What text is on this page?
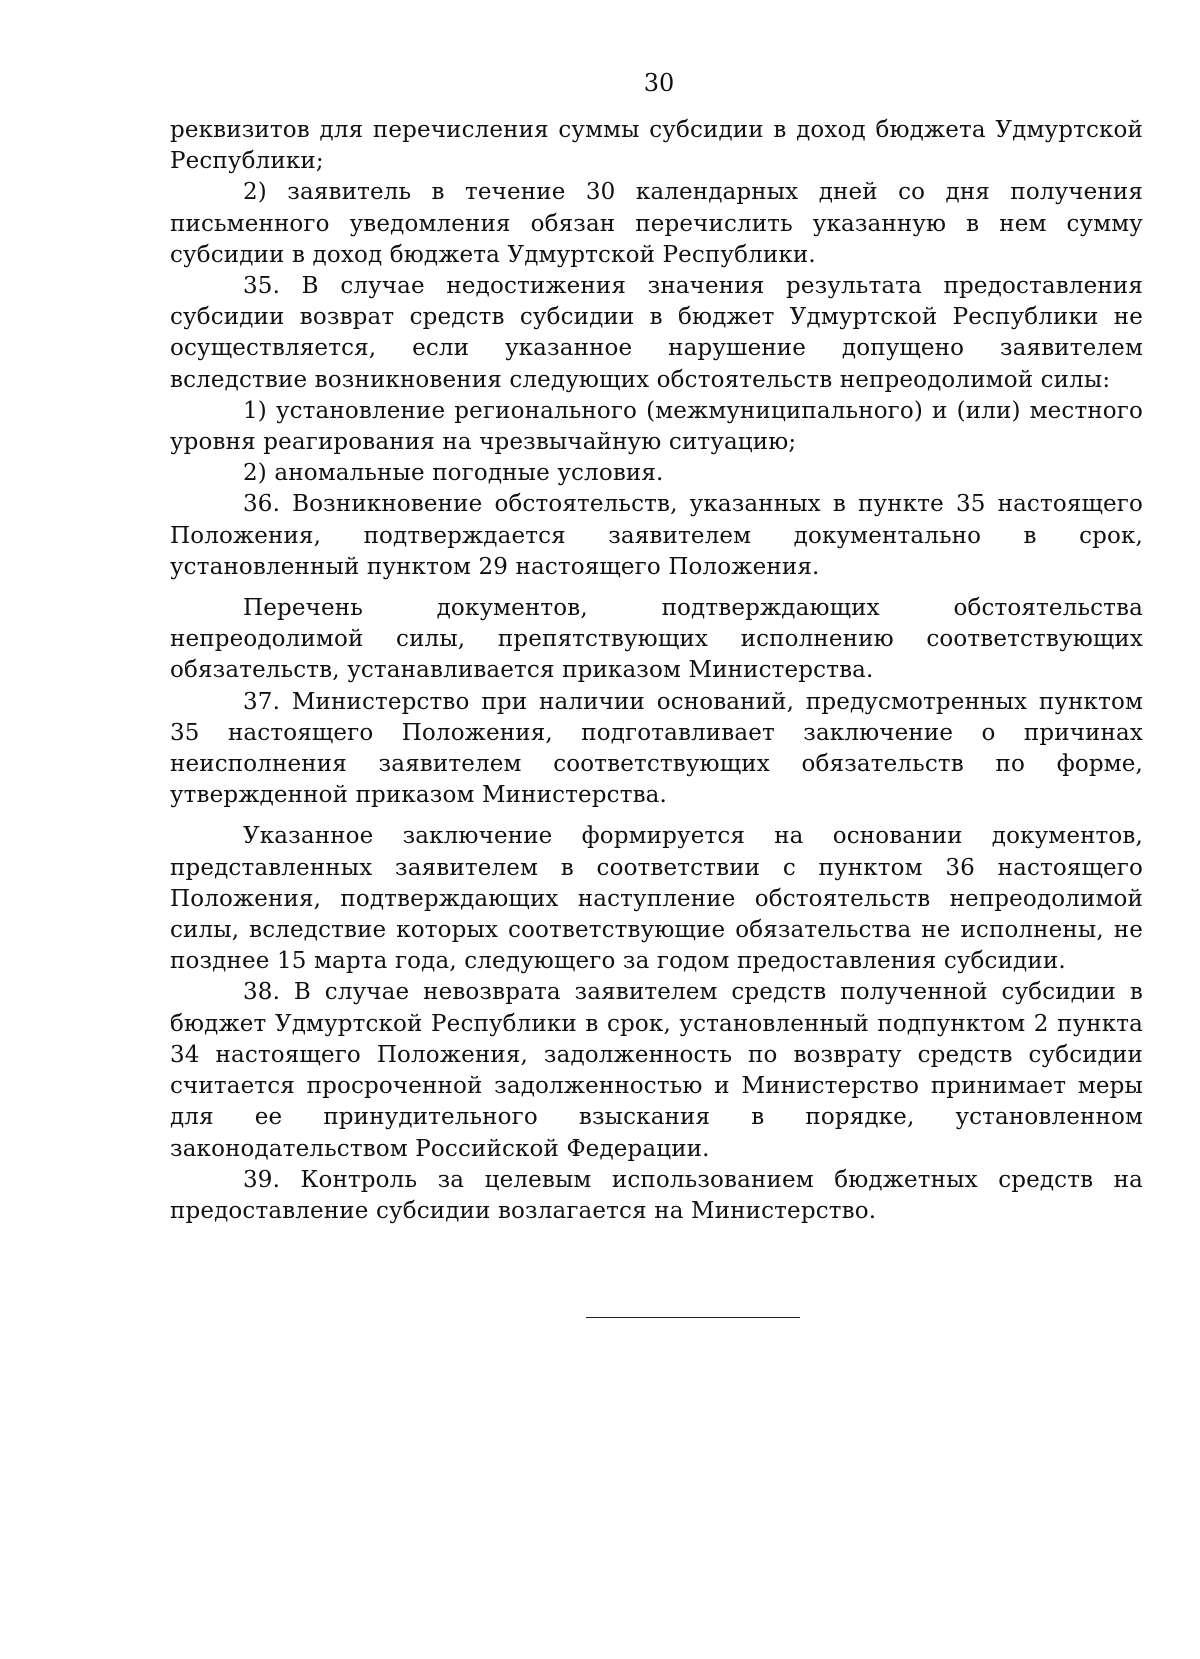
30

реквизитов для перечисления суммы субсидии в доход бюджета Удмуртской Республики;

2) заявитель в течение 30 календарных дней со дня получения письменного уведомления обязан перечислить указанную в нем сумму субсидии в доход бюджета Удмуртской Республики.

35. В случае недостижения значения результата предоставления субсидии возврат средств субсидии в бюджет Удмуртской Республики не осуществляется, если указанное нарушение допущено заявителем вследствие возникновения следующих обстоятельств непреодолимой силы:

1) установление регионального (межмуниципального) и (или) местного уровня реагирования на чрезвычайную ситуацию;

2) аномальные погодные условия.

36. Возникновение обстоятельств, указанных в пункте 35 настоящего Положения, подтверждается заявителем документально в срок, установленный пунктом 29 настоящего Положения.

Перечень документов, подтверждающих обстоятельства непреодолимой силы, препятствующих исполнению соответствующих обязательств, устанавливается приказом Министерства.

37. Министерство при наличии оснований, предусмотренных пунктом 35 настоящего Положения, подготавливает заключение о причинах неисполнения заявителем соответствующих обязательств по форме, утвержденной приказом Министерства.

Указанное заключение формируется на основании документов, представленных заявителем в соответствии с пунктом 36 настоящего Положения, подтверждающих наступление обстоятельств непреодолимой силы, вследствие которых соответствующие обязательства не исполнены, не позднее 15 марта года, следующего за годом предоставления субсидии.

38. В случае невозврата заявителем средств полученной субсидии в бюджет Удмуртской Республики в срок, установленный подпунктом 2 пункта 34 настоящего Положения, задолженность по возврату средств субсидии считается просроченной задолженностью и Министерство принимает меры для ее принудительного взыскания в порядке, установленном законодательством Российской Федерации.

39. Контроль за целевым использованием бюджетных средств на предоставление субсидии возлагается на Министерство.
